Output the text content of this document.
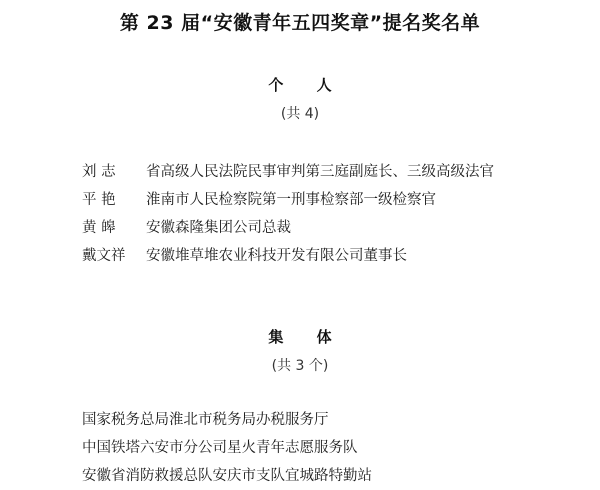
第 23 届“安徽青年五四奖章”提名奖名单
个 人
(共 4)
刘 志 省高级人民法院民事审判第三庭副庭长、三级高级法官
平 艳 淮南市人民检察院第一刑事检察部一级检察官
黄 皞 安徽森隆集团公司总裁
戴文祥 安徽堆草堆农业科技开发有限公司董事长
集 体
(共 3 个)
国家税务总局淮北市税务局办税服务厅
中国铁塔六安市分公司星火青年志愿服务队
安徽省消防救援总队安庆市支队宜城路特勤站
